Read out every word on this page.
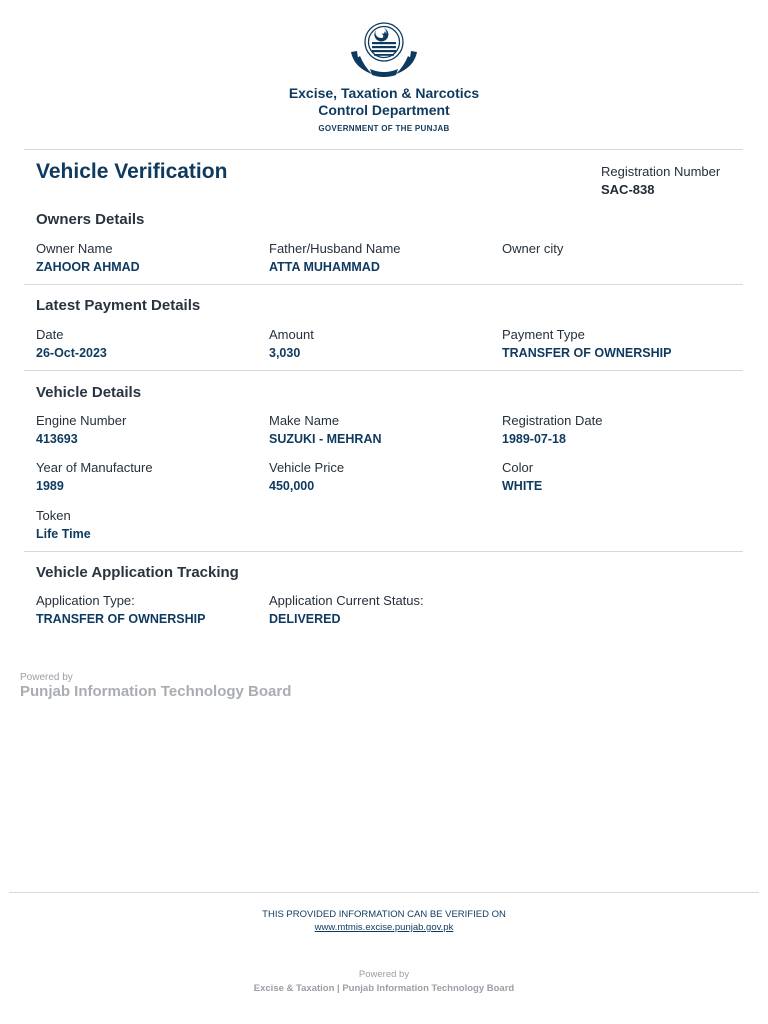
Excise, Taxation & Narcotics
Control Department
GOVERNMENT OF THE PUNJAB
Vehicle Verification	Registration Number
SAC-838
Owners Details
Owner Name
ZAHOOR AHMAD
Father/Husband Name
ATTA MUHAMMAD
Owner city
Latest Payment Details
Date
26-Oct-2023
Amount
3,030
Payment Type
TRANSFER OF OWNERSHIP
Vehicle Details
Engine Number
413693
Make Name
SUZUKI - MEHRAN
Registration Date
1989-07-18
Year of Manufacture
1989
Vehicle Price
450,000
Color
WHITE
Token
Life Time
Vehicle Application Tracking
Application Type:
TRANSFER OF OWNERSHIP
Application Current Status:
DELIVERED
Powered by
Punjab Information Technology Board
THIS PROVIDED INFORMATION CAN BE VERIFIED ON
www.mtmis.excise.punjab.gov.pk
Powered by
Excise & Taxation | Punjab Information Technology Board
